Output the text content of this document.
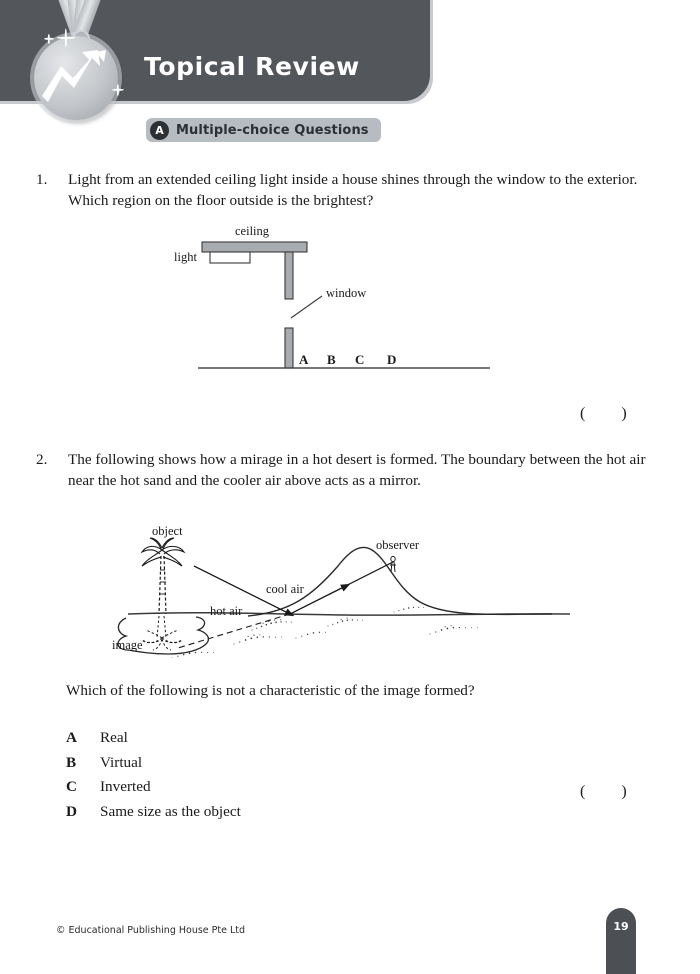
Topical Review
A Multiple-choice Questions
1.	Light from an extended ceiling light inside a house shines through the window to the exterior. Which region on the floor outside is the brightest?
ceiling
light
window
A B C D
( )
2.	The following shows how a mirage in a hot desert is formed. The boundary between the hot air near the hot sand and the cooler air above acts as a mirror.
object
cool air
hot air
observer
image
Which of the following is not a characteristic of the image formed?
A	Real
B	Virtual
C	Inverted
D	Same size as the object
( )

© Educational Publishing House Pte Ltd	19
